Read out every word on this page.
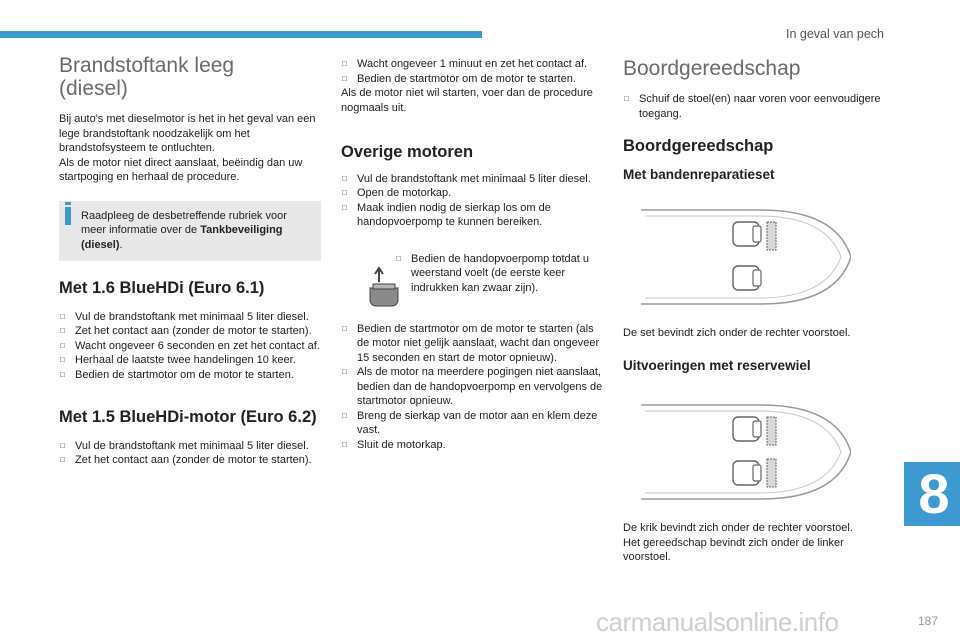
In geval van pech
Brandstoftank leeg
(diesel)

Bij auto's met dieselmotor is het in het geval van een lege brandstoftank noodzakelijk om het brandstofsysteem te ontluchten.
Als de motor niet direct aanslaat, beëindig dan uw startpoging en herhaal de procedure.

Raadpleeg de desbetreffende rubriek voor meer informatie over de Tankbeveiliging (diesel).
Met 1.6 BlueHDi (Euro 6.1)
□ Vul de brandstoftank met minimaal 5 liter diesel.
□ Zet het contact aan (zonder de motor te starten).
□ Wacht ongeveer 6 seconden en zet het contact af.
□ Herhaal de laatste twee handelingen 10 keer.
□ Bedien de startmotor om de motor te starten.
Met 1.5 BlueHDi-motor (Euro 6.2)
□ Vul de brandstoftank met minimaal 5 liter diesel.
□ Zet het contact aan (zonder de motor te starten).
□ Wacht ongeveer 1 minuut en zet het contact af.
□ Bedien de startmotor om de motor te starten.

Als de motor niet wil starten, voer dan de procedure nogmaals uit.

Overige motoren
□ Vul de brandstoftank met minimaal 5 liter diesel.
□ Open de motorkap.
□ Maak indien nodig de sierkap los om de handopvoerpomp te kunnen bereiken.
□ Bedien de handopvoerpomp totdat u weerstand voelt (de eerste keer indrukken kan zwaar zijn).
□ Bedien de startmotor om de motor te starten (als de motor niet gelijk aanslaat, wacht dan ongeveer 15 seconden en start de motor opnieuw).
□ Als de motor na meerdere pogingen niet aanslaat, bedien dan de handopvoerpomp en vervolgens de startmotor opnieuw.
□ Breng de sierkap van de motor aan en klem deze vast.
□ Sluit de motorkap.
Boordgereedschap
□ Schuif de stoel(en) naar voren voor eenvoudigere toegang.
Boordgereedschap
Met bandenreparatieset

De set bevindt zich onder de rechter voorstoel.

Uitvoeringen met reservewiel

De krik bevindt zich onder de rechter voorstoel.
Het gereedschap bevindt zich onder de linker voorstoel.

8
carmanualsonline.info	187
